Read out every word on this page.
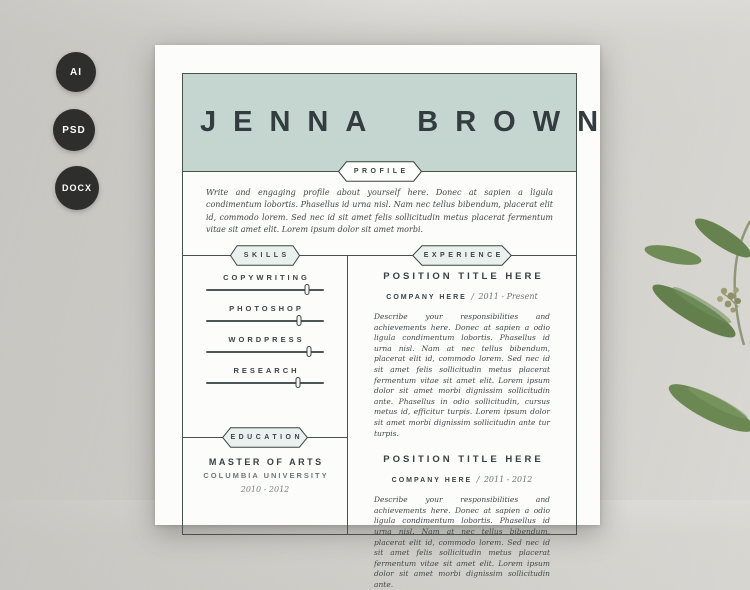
AI
PSD
DOCX
JENNA BROWN
PROFILE

Write and engaging profile about yourself here. Donec at sapien a ligula condimentum lobortis. Phasellus id urna nisl. Nam nec tellus bibendum, placerat elit id, commodo lorem. Sed nec id sit amet felis sollicitudin metus placerat fermentum vitae sit amet elit. Lorem ipsum dolor sit amet morbi.

SKILLS
COPYWRITING
PHOTOSHOP
WORDPRESS
RESEARCH
EDUCATION
MASTER OF ARTS
COLUMBIA UNIVERSITY
2010 - 2012
EXPERIENCE
POSITION TITLE HERE
COMPANY HERE / 2011 - Present

Describe your responsibilities and achievements here. Donec at sapien a odio ligula condimentum lobortis. Phasellus id urna nisl. Nam at nec tellus bibendum, placerat elit id, commodo lorem. Sed nec id sit amet felis sollicitudin metus placerat fermentum vitae sit amet elit. Lorem ipsum dolor sit amet morbi dignissim sollicitudin ante. Phasellus in odio sollicitudin, cursus metus id, efficitur turpis. Lorem ipsum dolor sit amet morbi dignissim sollicitudin ante tur turpis.

POSITION TITLE HERE
COMPANY HERE / 2011 - 2012

Describe your responsibilities and achievements here. Donec at sapien a odio ligula condimentum lobortis. Phasellus id urna nisl. Nam at nec tellus bibendum, placerat elit id, commodo lorem. Sed nec id sit amet felis sollicitudin metus placerat fermentum vitae sit amet elit. Lorem ipsum dolor sit amet morbi dignissim sollicitudin ante.
